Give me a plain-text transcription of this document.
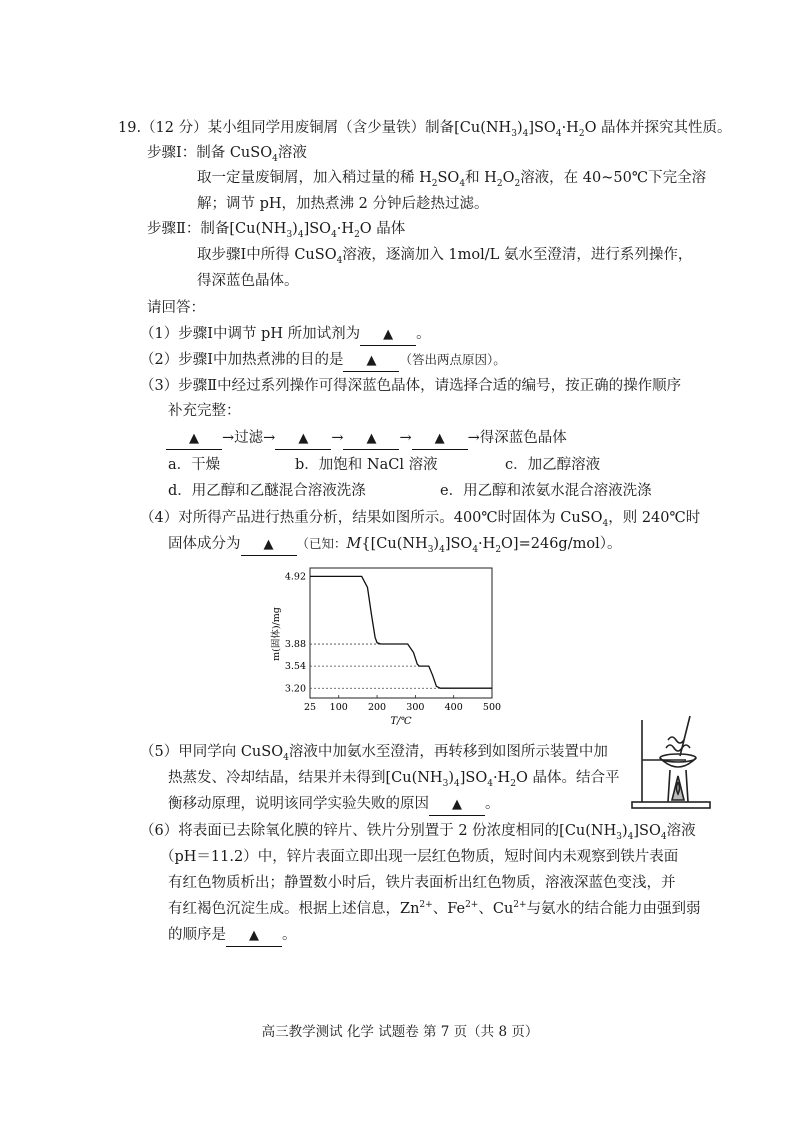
19.（12 分）某小组同学用废铜屑（含少量铁）制备$[Cu(NH_3)_4]SO_4\cdot H_2O$ 晶体并探究其性质。
步骤Ⅰ：制备 CuSO$_4$溶液
取一定量废铜屑，加入稍过量的稀 $H_2SO_4$和 $H_2O_2$溶液，在 40~50℃下完全溶
解；调节 pH，加热煮沸 2 分钟后趁热过滤。
步骤Ⅱ：制备$[Cu(NH_3)_4]SO_4\cdot H_2O$ 晶体
取步骤Ⅰ中所得 CuSO$_4$溶液，逐滴加入 1mol/L 氨水至澄清，进行系列操作，
得深蓝色晶体。
请回答：
（1）步骤Ⅰ中调节 pH 所加试剂为 ▲ 。
（2）步骤Ⅰ中加热煮沸的目的是 ▲ （答出两点原因）。
（3）步骤Ⅱ中经过系列操作可得深蓝色晶体，请选择合适的编号，按正确的操作顺序
补充完整：
▲ →过滤→ ▲ → ▲ → ▲ →得深蓝色晶体
a．干燥	b．加饱和 NaCl 溶液	c．加乙醇溶液
d．用乙醇和乙醚混合溶液洗涤	e．用乙醇和浓氨水混合溶液洗涤
（4）对所得产品进行热重分析，结果如图所示。400℃时固体为 CuSO$_4$，则 240℃时
固体成分为 ▲ （已知：$M\{[Cu(NH_3)_4]SO_4\cdot H_2O]=246g/mol$）。
25 100 200 300 400 500
3.20
3.54
3.88
4.92
T/℃
m(固体)/mg
（5）甲同学向 CuSO$_4$溶液中加氨水至澄清，再转移到如图所示装置中加
热蒸发、冷却结晶，结果并未得到$[Cu(NH_3)_4]SO_4\cdot H_2O$ 晶体。结合平
衡移动原理，说明该同学实验失败的原因 ▲ 。
（6）将表面已去除氧化膜的锌片、铁片分别置于 2 份浓度相同的$[Cu(NH_3)_4]SO_4$溶液
（pH＝11.2）中，锌片表面立即出现一层红色物质，短时间内未观察到铁片表面
有红色物质析出；静置数小时后，铁片表面析出红色物质，溶液深蓝色变浅，并
有红褐色沉淀生成。根据上述信息，$Zn^{2+}$、$Fe^{2+}$、$Cu^{2+}$与氨水的结合能力由强到弱
的顺序是 ▲ 。
高三教学测试 化学 试题卷 第 7 页（共 8 页）
